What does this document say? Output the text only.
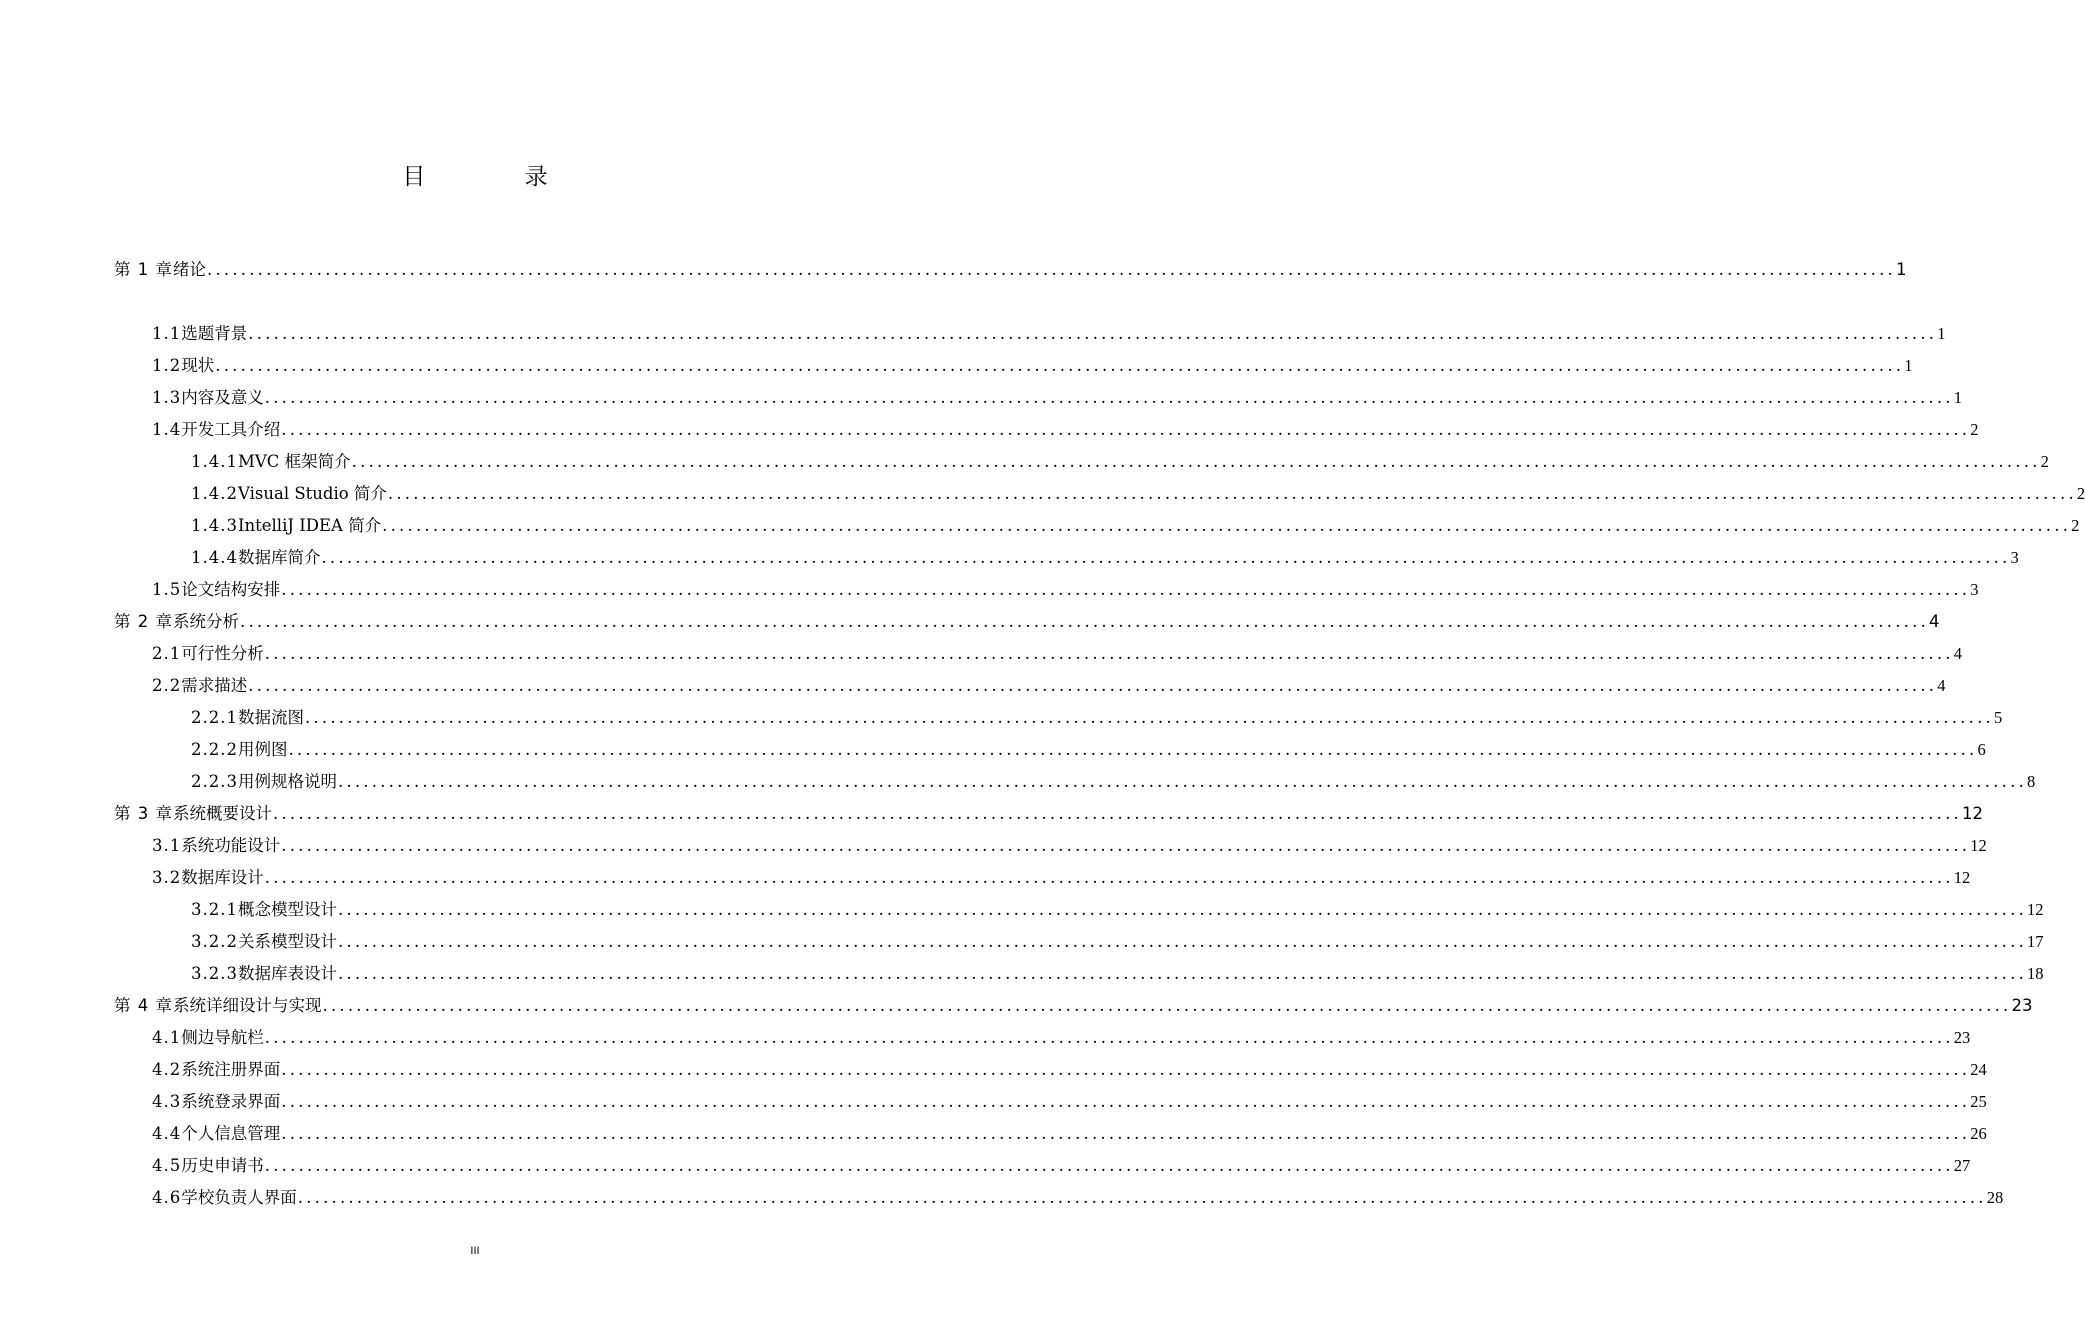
目 录
第 1 章 绪论 ........................................................................................................................................................................................................ 1
1.1 选题背景 ........................................................................................................................................................................................................ 1
1.2 现状 ........................................................................................................................................................................................................ 1
1.3 内容及意义 ........................................................................................................................................................................................................ 1
1.4 开发工具介绍 ........................................................................................................................................................................................................ 2
1.4.1 MVC 框架简介 ........................................................................................................................................................................................................ 2
1.4.2 Visual Studio 简介 ........................................................................................................................................................................................................ 2
1.4.3 IntelliJ IDEA 简介 ........................................................................................................................................................................................................ 2
1.4.4 数据库简介 ........................................................................................................................................................................................................ 3
1.5 论文结构安排 ........................................................................................................................................................................................................ 3
第 2 章 系统分析 ........................................................................................................................................................................................................ 4
2.1 可行性分析 ........................................................................................................................................................................................................ 4
2.2 需求描述 ........................................................................................................................................................................................................ 4
2.2.1 数据流图 ........................................................................................................................................................................................................ 5
2.2.2 用例图 ........................................................................................................................................................................................................ 6
2.2.3 用例规格说明 ........................................................................................................................................................................................................ 8
第 3 章 系统概要设计 ........................................................................................................................................................................................................ 12
3.1 系统功能设计 ........................................................................................................................................................................................................ 12
3.2 数据库设计 ........................................................................................................................................................................................................ 12
3.2.1 概念模型设计 ........................................................................................................................................................................................................ 12
3.2.2 关系模型设计 ........................................................................................................................................................................................................ 17
3.2.3 数据库表设计 ........................................................................................................................................................................................................ 18
第 4 章 系统详细设计与实现 ........................................................................................................................................................................................................ 23
4.1 侧边导航栏 ........................................................................................................................................................................................................ 23
4.2 系统注册界面 ........................................................................................................................................................................................................ 24
4.3 系统登录界面 ........................................................................................................................................................................................................ 25
4.4 个人信息管理 ........................................................................................................................................................................................................ 26
4.5 历史申请书 ........................................................................................................................................................................................................ 27
4.6 学校负责人界面 ........................................................................................................................................................................................................ 28
III
